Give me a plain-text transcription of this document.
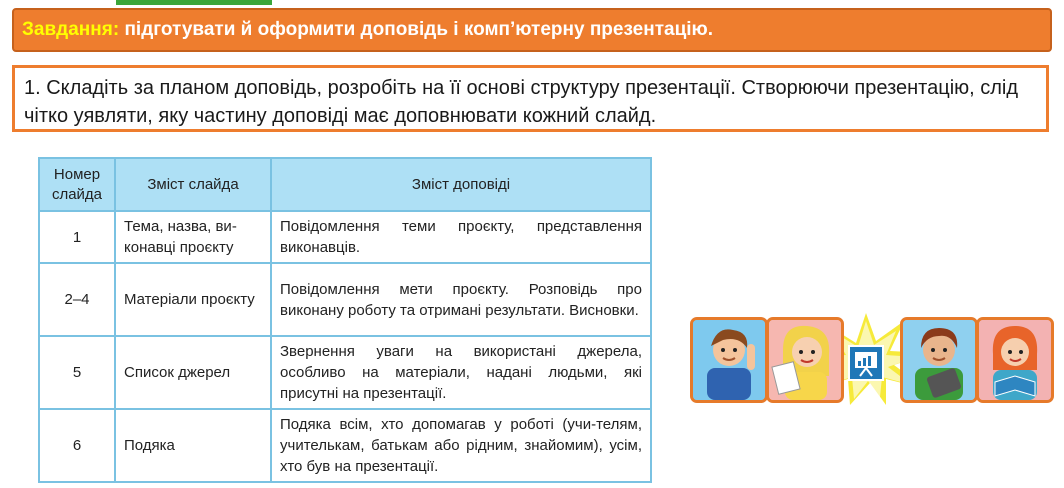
Завдання: підготувати й оформити доповідь і комп’ютерну презентацію.
1. Складіть за планом доповідь, розробіть на її основі структуру презентації. Створюючи презентацію, слід чітко уявляти, яку частину доповіді має доповнювати кожний слайд.
Номер слайда	Зміст слайда	Зміст доповіді
1	Тема, назва, ви-конавці проєкту	Повідомлення теми проєкту, представлення виконавців.
2–4	Матеріали проєкту	Повідомлення мети проєкту. Розповідь про виконану роботу та отримані результати. Висновки.
5	Список джерел	Звернення уваги на використані джерела, особливо на матеріали, надані людьми, які присутні на презентації.
6	Подяка	Подяка всім, хто допомагав у роботі (учи-телям, учителькам, батькам або рідним, знайомим), усім, хто був на презентації.
